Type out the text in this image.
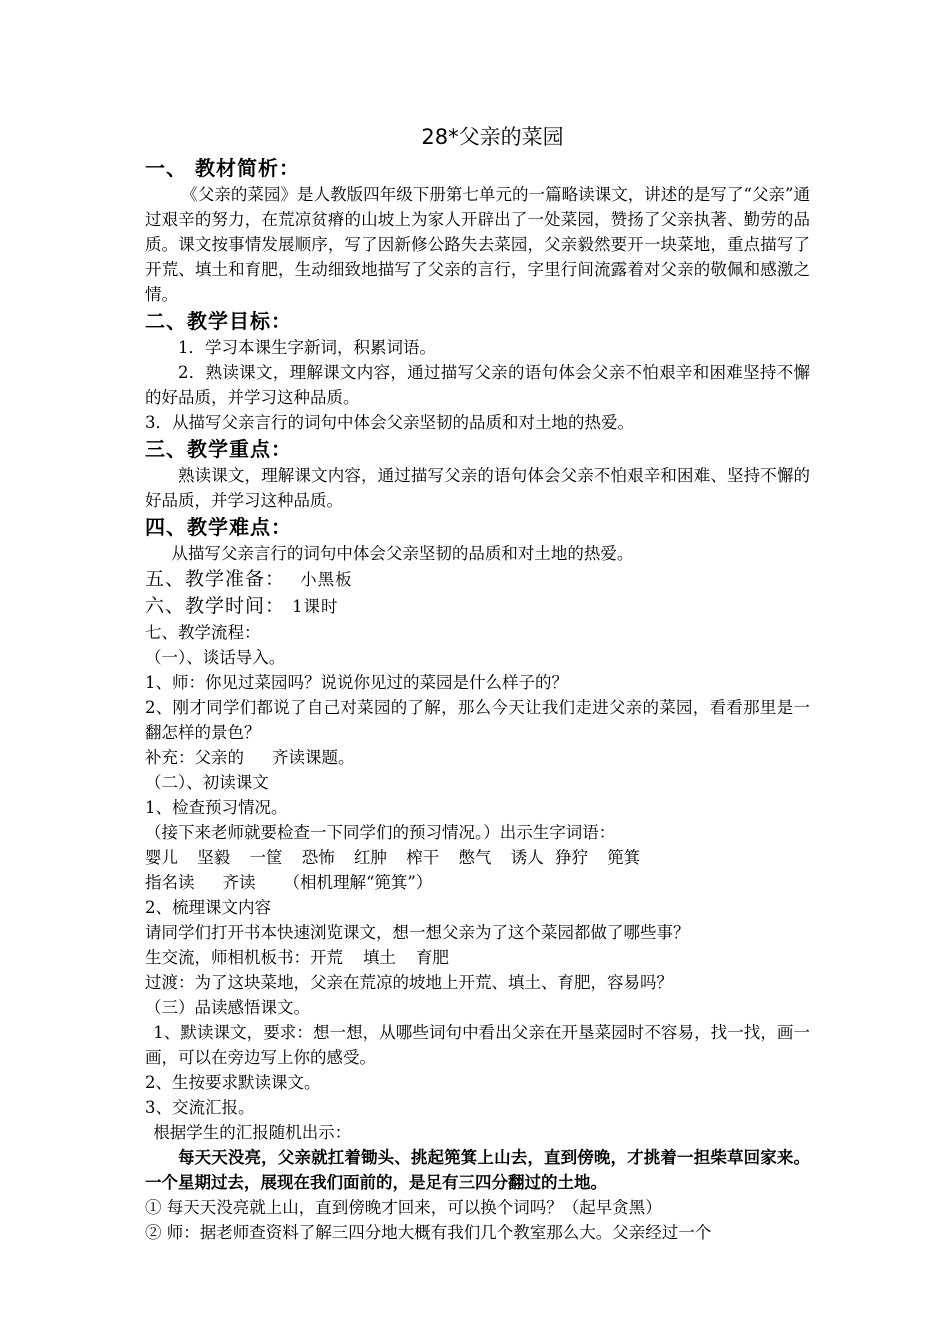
28*父亲的菜园
一、 教材简析：
《父亲的菜园》是人教版四年级下册第七单元的一篇略读课文，讲述的是写了“父亲”通过艰辛的努力，在荒凉贫瘠的山坡上为家人开辟出了一处菜园，赞扬了父亲执著、勤劳的品质。课文按事情发展顺序，写了因新修公路失去菜园，父亲毅然要开一块菜地，重点描写了开荒、填土和育肥，生动细致地描写了父亲的言行，字里行间流露着对父亲的敬佩和感激之情。
二、教学目标：
1．学习本课生字新词，积累词语。
2．熟读课文，理解课文内容，通过描写父亲的语句体会父亲不怕艰辛和困难坚持不懈的好品质，并学习这种品质。
3．从描写父亲言行的词句中体会父亲坚韧的品质和对土地的热爱。
三、教学重点：
熟读课文，理解课文内容，通过描写父亲的语句体会父亲不怕艰辛和困难、坚持不懈的好品质，并学习这种品质。
四、教学难点：
从描写父亲言行的词句中体会父亲坚韧的品质和对土地的热爱。
五、教学准备： 小黑板
六、教学时间： 1课时
七、教学流程：
（一）、谈话导入。
1、师：你见过菜园吗？说说你见过的菜园是什么样子的？
2、刚才同学们都说了自己对菜园的了解，那么今天让我们走进父亲的菜园，看看那里是一翻怎样的景色？
补充：父亲的 齐读课题。
（二）、初读课文
1、检查预习情况。
（接下来老师就要检查一下同学们的预习情况。）出示生字词语：
婴儿 坚毅 一筐 恐怖 红肿 榨干 憋气 诱人 狰狞 篼箕
指名读 齐读 （相机理解“篼箕”）
2、梳理课文内容
请同学们打开书本快速浏览课文，想一想父亲为了这个菜园都做了哪些事？
生交流，师相机板书：开荒 填土 育肥
过渡：为了这块菜地，父亲在荒凉的坡地上开荒、填土、育肥，容易吗？
（三）品读感悟课文。
1、默读课文，要求：想一想，从哪些词句中看出父亲在开垦菜园时不容易，找一找，画一画，可以在旁边写上你的感受。
2、生按要求默读课文。
3、交流汇报。
根据学生的汇报随机出示：
每天天没亮，父亲就扛着锄头、挑起篼箕上山去，直到傍晚，才挑着一担柴草回家来。一个星期过去，展现在我们面前的，是足有三四分翻过的土地。
① 每天天没亮就上山，直到傍晚才回来，可以换个词吗？（起早贪黑）
② 师：据老师查资料了解三四分地大概有我们几个教室那么大。父亲经过一个
